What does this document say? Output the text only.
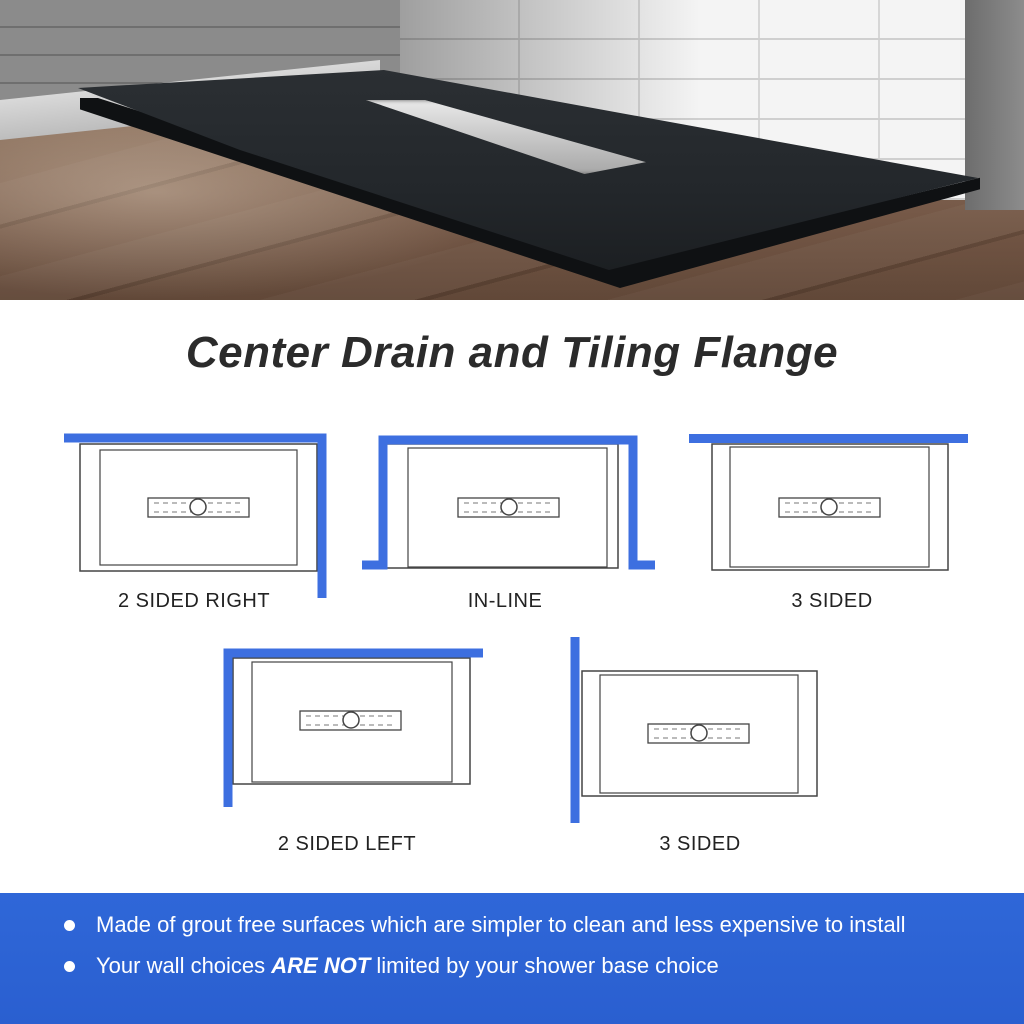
Center Drain and Tiling Flange
2 SIDED RIGHT	IN-LINE	3 SIDED
2 SIDED LEFT	3 SIDED
Made of grout free surfaces which are simpler to clean and less expensive to install
Your wall choices ARE NOT limited by your shower base choice
